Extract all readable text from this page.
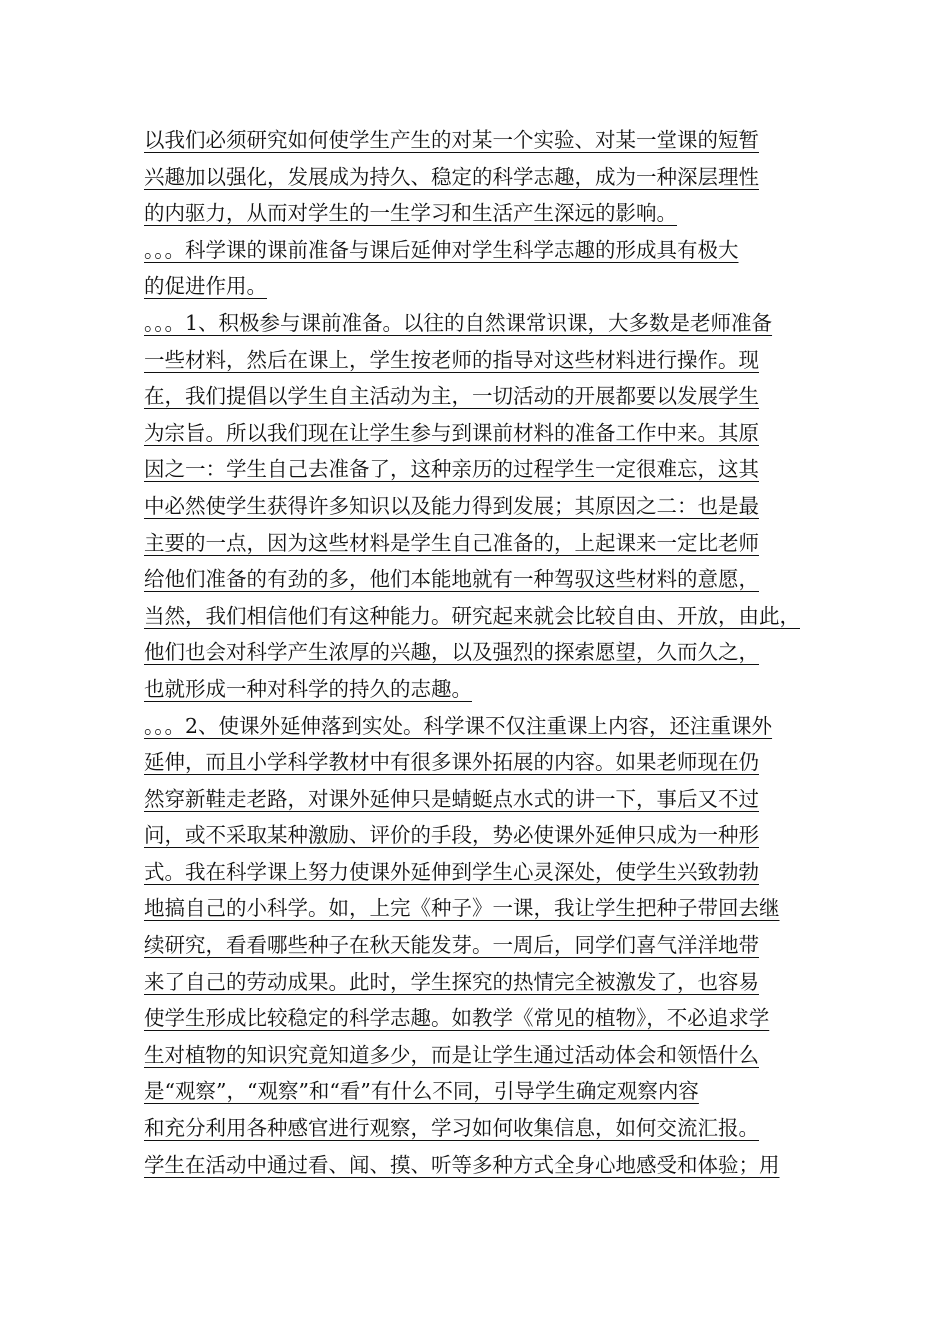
以我们必须研究如何使学生产生的对某一个实验、对某一堂课的短暂
兴趣加以强化，发展成为持久、稳定的科学志趣，成为一种深层理性
的内驱力，从而对学生的一生学习和生活产生深远的影响。
。。。科学课的课前准备与课后延伸对学生科学志趣的形成具有极大
的促进作用。
。。。1、积极参与课前准备。以往的自然课常识课，大多数是老师准备
一些材料，然后在课上，学生按老师的指导对这些材料进行操作。现
在，我们提倡以学生自主活动为主，一切活动的开展都要以发展学生
为宗旨。所以我们现在让学生参与到课前材料的准备工作中来。其原
因之一：学生自己去准备了，这种亲历的过程学生一定很难忘，这其
中必然使学生获得许多知识以及能力得到发展；其原因之二：也是最
主要的一点，因为这些材料是学生自己准备的，上起课来一定比老师
给他们准备的有劲的多，他们本能地就有一种驾驭这些材料的意愿，
当然，我们相信他们有这种能力。研究起来就会比较自由、开放，由此，
他们也会对科学产生浓厚的兴趣，以及强烈的探索愿望，久而久之，
也就形成一种对科学的持久的志趣。
。。。2、使课外延伸落到实处。科学课不仅注重课上内容，还注重课外
延伸，而且小学科学教材中有很多课外拓展的内容。如果老师现在仍
然穿新鞋走老路，对课外延伸只是蜻蜓点水式的讲一下，事后又不过
问，或不采取某种激励、评价的手段，势必使课外延伸只成为一种形
式。我在科学课上努力使课外延伸到学生心灵深处，使学生兴致勃勃
地搞自己的小科学。如，上完《种子》一课，我让学生把种子带回去继
续研究，看看哪些种子在秋天能发芽。一周后，同学们喜气洋洋地带
来了自己的劳动成果。此时，学生探究的热情完全被激发了，也容易
使学生形成比较稳定的科学志趣。如教学《常见的植物》，不必追求学
生对植物的知识究竟知道多少，而是让学生通过活动体会和领悟什么
是“观察”，“观察”和“看”有什么不同，引导学生确定观察内容
和充分利用各种感官进行观察，学习如何收集信息，如何交流汇报。
学生在活动中通过看、闻、摸、听等多种方式全身心地感受和体验；用
